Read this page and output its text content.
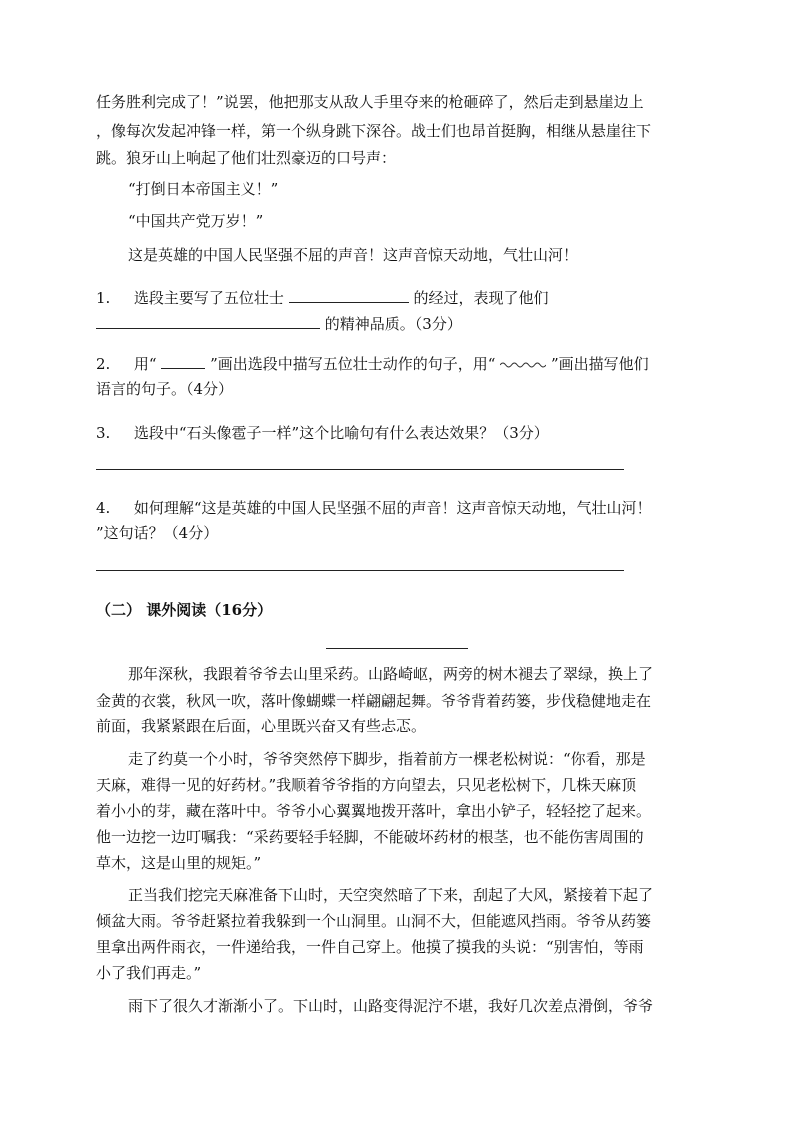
任务胜利完成了！”说罢，他把那支从敌人手里夺来的枪砸碎了，然后走到悬崖边上
，像每次发起冲锋一样，第一个纵身跳下深谷。战士们也昂首挺胸，相继从悬崖往下
跳。狼牙山上响起了他们壮烈豪迈的口号声：
“打倒日本帝国主义！”
“中国共产党万岁！”
这是英雄的中国人民坚强不屈的声音！这声音惊天动地，气壮山河！
1. 选段主要写了五位壮士	的经过，表现了他们
的精神品质。（3分）
2. 用“	”画出选段中描写五位壮士动作的句子，用“	”画出描写他们
语言的句子。（4分）
3. 选段中“石头像雹子一样”这个比喻句有什么表达效果？（3分）
4. 如何理解“这是英雄的中国人民坚强不屈的声音！这声音惊天动地，气壮山河！
”这句话？（4分）
（二） 课外阅读（16分）
那年深秋，我跟着爷爷去山里采药。山路崎岖，两旁的树木褪去了翠绿，换上了
金黄的衣裳，秋风一吹，落叶像蝴蝶一样翩翩起舞。爷爷背着药篓，步伐稳健地走在
前面，我紧紧跟在后面，心里既兴奋又有些忐忑。
走了约莫一个小时，爷爷突然停下脚步，指着前方一棵老松树说：“你看，那是
天麻，难得一见的好药材。”我顺着爷爷指的方向望去，只见老松树下，几株天麻顶
着小小的芽，藏在落叶中。爷爷小心翼翼地拨开落叶，拿出小铲子，轻轻挖了起来。
他一边挖一边叮嘱我：“采药要轻手轻脚，不能破坏药材的根茎，也不能伤害周围的
草木，这是山里的规矩。”
正当我们挖完天麻准备下山时，天空突然暗了下来，刮起了大风，紧接着下起了
倾盆大雨。爷爷赶紧拉着我躲到一个山洞里。山洞不大，但能遮风挡雨。爷爷从药篓
里拿出两件雨衣，一件递给我，一件自己穿上。他摸了摸我的头说：“别害怕，等雨
小了我们再走。”
雨下了很久才渐渐小了。下山时，山路变得泥泞不堪，我好几次差点滑倒，爷爷
